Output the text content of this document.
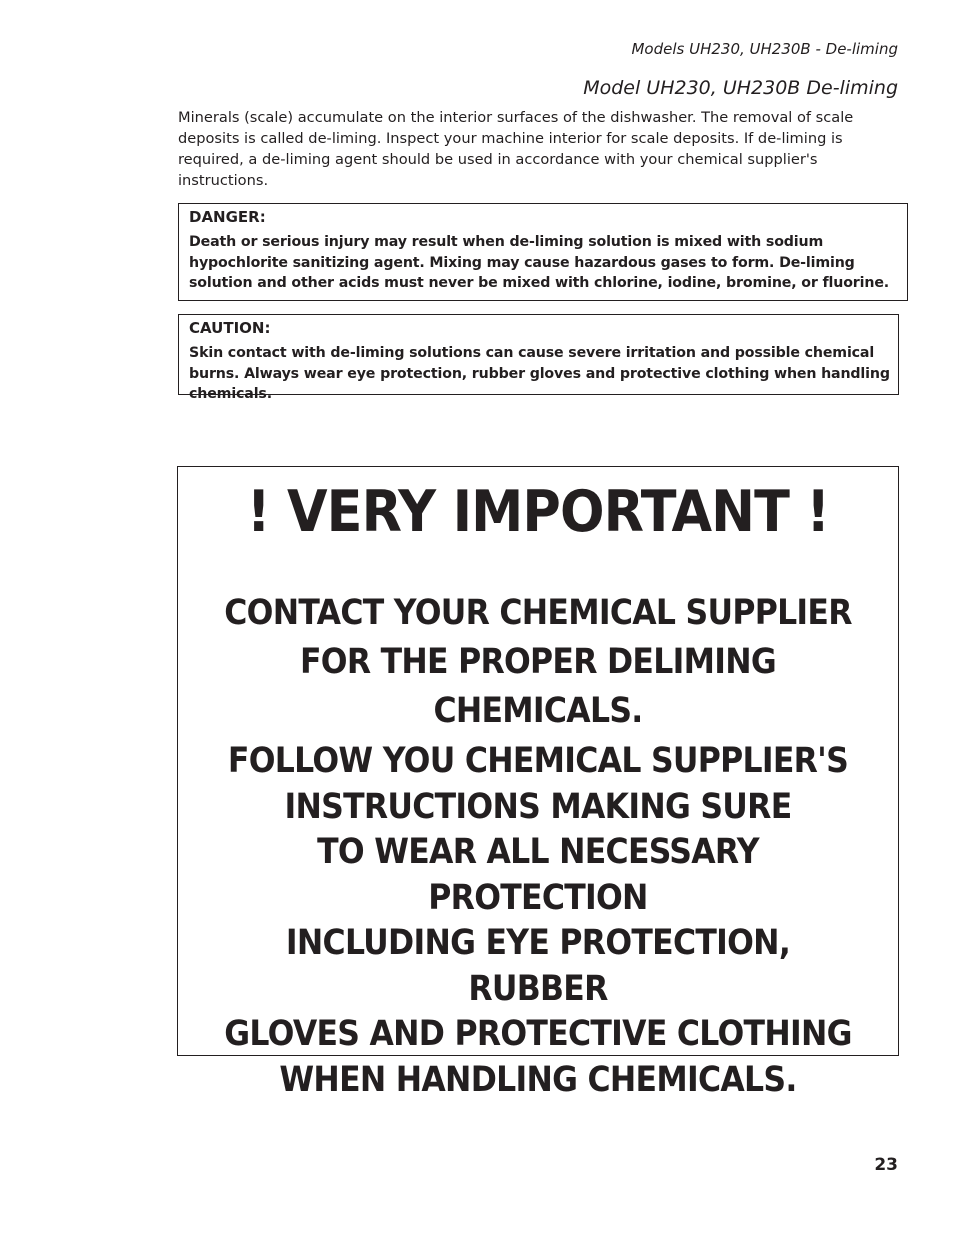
Models UH230, UH230B - De-liming
Model UH230, UH230B De-liming

Minerals (scale) accumulate on the interior surfaces of the dishwasher. The removal of scale deposits is called de-liming. Inspect your machine interior for scale deposits. If de-liming is required, a de-liming agent should be used in accordance with your chemical supplier's instructions.

DANGER:
Death or serious injury may result when de-liming solution is mixed with sodium hypochlorite sanitizing agent. Mixing may cause hazardous gases to form. De-liming solution and other acids must never be mixed with chlorine, iodine, bromine, or fluorine.
CAUTION:
Skin contact with de-liming solutions can cause severe irritation and possible chemical burns. Always wear eye protection, rubber gloves and protective clothing when handling chemicals.
! VERY IMPORTANT !
CONTACT YOUR CHEMICAL SUPPLIER
FOR THE PROPER DELIMING CHEMICALS.
FOLLOW YOU CHEMICAL SUPPLIER'S
INSTRUCTIONS MAKING SURE
TO WEAR ALL NECESSARY PROTECTION
INCLUDING EYE PROTECTION, RUBBER
GLOVES AND PROTECTIVE CLOTHING
WHEN HANDLING CHEMICALS.
23
